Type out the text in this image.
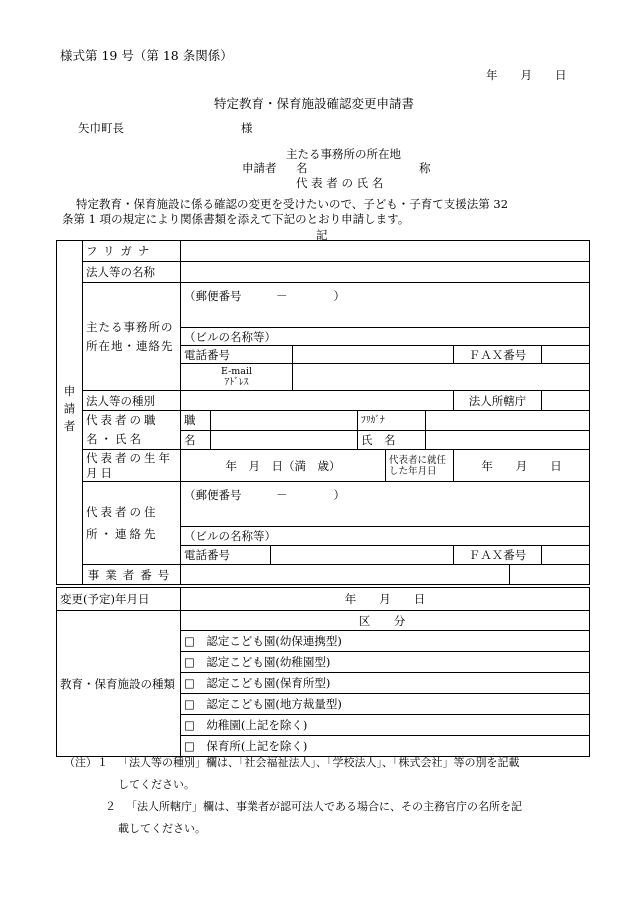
様式第 19 号（第 18 条関係）
年　　月　　日
特定教育・保育施設確認変更申請書
矢巾町長	様
主たる事務所の所在地
申請者 名	称
代 表 者 の 氏 名
特定教育・保育施設に係る確認の変更を受けたいので、子ども・子育て支援法第 32
条第 1 項の規定により関係書類を添えて下記のとおり申請します。
記
申請者	フリガナ										
	法人等の名称										
	主たる事務所の所在地・連絡先	（郵便番号　　　－　　　　）									

		（ビルの名称等）									
		電話番号							ＦＡＸ番号		

		E-mail
ｱﾄﾞﾚｽ									

	法人等の種別								法人所轄庁		
	代表者の職名・氏名	職				ﾌﾘｶﾞﾅ					
		名				氏　名					
	代表者の生年月日	年　月　日（満　歳）					代表者に就任した年月日		年　　月　　日		
	代表者の住所・連絡先	（郵便番号　　　－　　　　）									

		（ビルの名称等）									
		電話番号							ＦＡＸ番号		
	事業者番号										
変更(予定)年月日	年　　月　　日
教育・保育施設の種類	区　分
	□　認定こども園(幼保連携型)
	□　認定こども園(幼稚園型)
	□　認定こども園(保育所型)
	□　認定こども園(地方裁量型)
	□　幼稚園(上記を除く)
	□　保育所(上記を除く)
（注）１ 「法人等の種別」欄は、「社会福祉法人」、「学校法人」、「株式会社」等の別を記載
してください。
２ 「法人所轄庁」欄は、事業者が認可法人である場合に、その主務官庁の名所を記
載してください。
